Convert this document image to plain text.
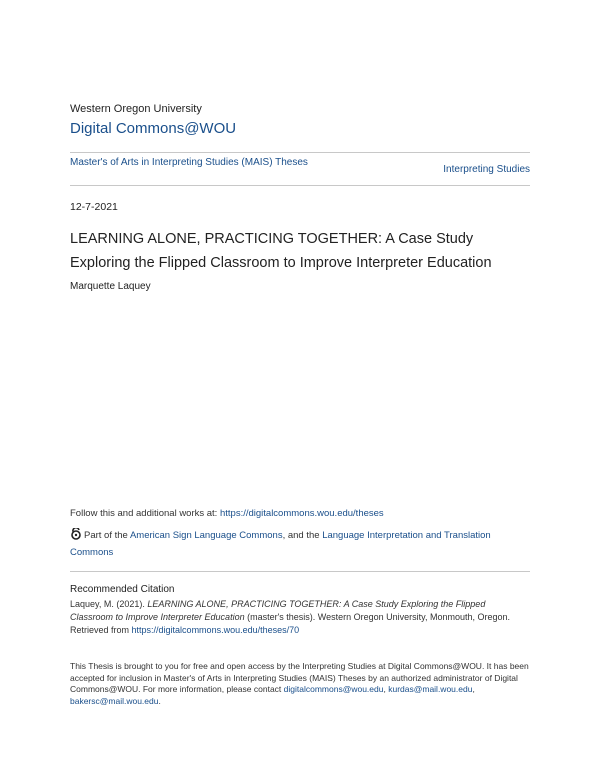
Western Oregon University
Digital Commons@WOU
Master's of Arts in Interpreting Studies (MAIS) Theses
Interpreting Studies
12-7-2021
LEARNING ALONE, PRACTICING TOGETHER: A Case Study Exploring the Flipped Classroom to Improve Interpreter Education
Marquette Laquey
Follow this and additional works at: https://digitalcommons.wou.edu/theses
Part of the American Sign Language Commons, and the Language Interpretation and Translation Commons
Recommended Citation
Laquey, M. (2021). LEARNING ALONE, PRACTICING TOGETHER: A Case Study Exploring the Flipped Classroom to Improve Interpreter Education (master's thesis). Western Oregon University, Monmouth, Oregon. Retrieved from https://digitalcommons.wou.edu/theses/70
This Thesis is brought to you for free and open access by the Interpreting Studies at Digital Commons@WOU. It has been accepted for inclusion in Master's of Arts in Interpreting Studies (MAIS) Theses by an authorized administrator of Digital Commons@WOU. For more information, please contact digitalcommons@wou.edu, kurdas@mail.wou.edu, bakersc@mail.wou.edu.
